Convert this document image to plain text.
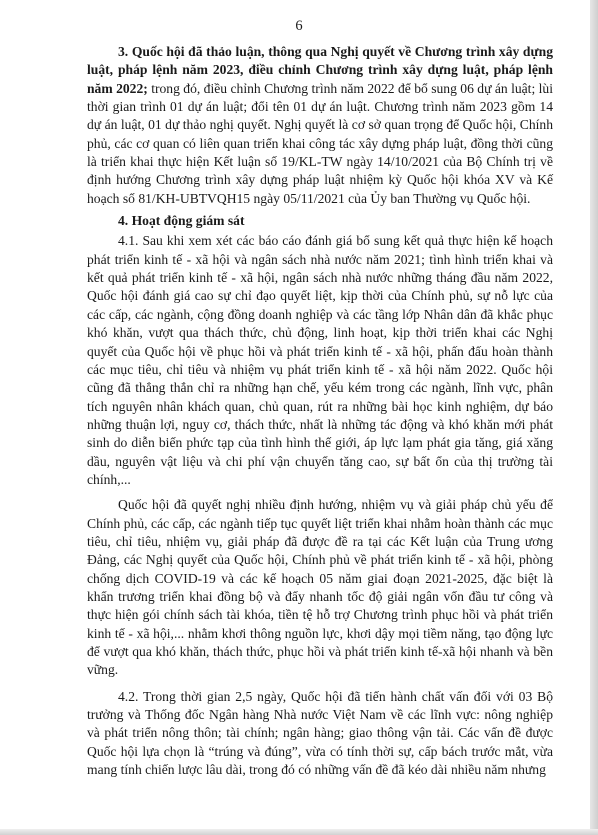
6

3. Quốc hội đã thảo luận, thông qua Nghị quyết về Chương trình xây dựng luật, pháp lệnh năm 2023, điều chỉnh Chương trình xây dựng luật, pháp lệnh năm 2022; trong đó, điều chỉnh Chương trình năm 2022 để bổ sung 06 dự án luật; lùi thời gian trình 01 dự án luật; đổi tên 01 dự án luật. Chương trình năm 2023 gồm 14 dự án luật, 01 dự thảo nghị quyết. Nghị quyết là cơ sở quan trọng để Quốc hội, Chính phủ, các cơ quan có liên quan triển khai công tác xây dựng pháp luật, đồng thời cũng là triển khai thực hiện Kết luận số 19/KL-TW ngày 14/10/2021 của Bộ Chính trị về định hướng Chương trình xây dựng pháp luật nhiệm kỳ Quốc hội khóa XV và Kế hoạch số 81/KH-UBTVQH15 ngày 05/11/2021 của Ủy ban Thường vụ Quốc hội.

4. Hoạt động giám sát

4.1. Sau khi xem xét các báo cáo đánh giá bổ sung kết quả thực hiện kế hoạch phát triển kinh tế - xã hội và ngân sách nhà nước năm 2021; tình hình triển khai và kết quả phát triển kinh tế - xã hội, ngân sách nhà nước những tháng đầu năm 2022, Quốc hội đánh giá cao sự chỉ đạo quyết liệt, kịp thời của Chính phủ, sự nỗ lực của các cấp, các ngành, cộng đồng doanh nghiệp và các tầng lớp Nhân dân đã khắc phục khó khăn, vượt qua thách thức, chủ động, linh hoạt, kịp thời triển khai các Nghị quyết của Quốc hội về phục hồi và phát triển kinh tế - xã hội, phấn đấu hoàn thành các mục tiêu, chỉ tiêu và nhiệm vụ phát triển kinh tế - xã hội năm 2022. Quốc hội cũng đã thẳng thắn chỉ ra những hạn chế, yếu kém trong các ngành, lĩnh vực, phân tích nguyên nhân khách quan, chủ quan, rút ra những bài học kinh nghiệm, dự báo những thuận lợi, nguy cơ, thách thức, nhất là những tác động và khó khăn mới phát sinh do diễn biến phức tạp của tình hình thế giới, áp lực lạm phát gia tăng, giá xăng dầu, nguyên vật liệu và chi phí vận chuyển tăng cao, sự bất ổn của thị trường tài chính,...

Quốc hội đã quyết nghị nhiều định hướng, nhiệm vụ và giải pháp chủ yếu để Chính phủ, các cấp, các ngành tiếp tục quyết liệt triển khai nhằm hoàn thành các mục tiêu, chỉ tiêu, nhiệm vụ, giải pháp đã được đề ra tại các Kết luận của Trung ương Đảng, các Nghị quyết của Quốc hội, Chính phủ về phát triển kinh tế - xã hội, phòng chống dịch COVID-19 và các kế hoạch 05 năm giai đoạn 2021-2025, đặc biệt là khẩn trương triển khai đồng bộ và đẩy nhanh tốc độ giải ngân vốn đầu tư công và thực hiện gói chính sách tài khóa, tiền tệ hỗ trợ Chương trình phục hồi và phát triển kinh tế - xã hội,... nhằm khơi thông nguồn lực, khơi dậy mọi tiềm năng, tạo động lực để vượt qua khó khăn, thách thức, phục hồi và phát triển kinh tế-xã hội nhanh và bền vững.

4.2. Trong thời gian 2,5 ngày, Quốc hội đã tiến hành chất vấn đối với 03 Bộ trưởng và Thống đốc Ngân hàng Nhà nước Việt Nam về các lĩnh vực: nông nghiệp và phát triển nông thôn; tài chính; ngân hàng; giao thông vận tải. Các vấn đề được Quốc hội lựa chọn là “trúng và đúng”, vừa có tính thời sự, cấp bách trước mắt, vừa mang tính chiến lược lâu dài, trong đó có những vấn đề đã kéo dài nhiều năm nhưng
